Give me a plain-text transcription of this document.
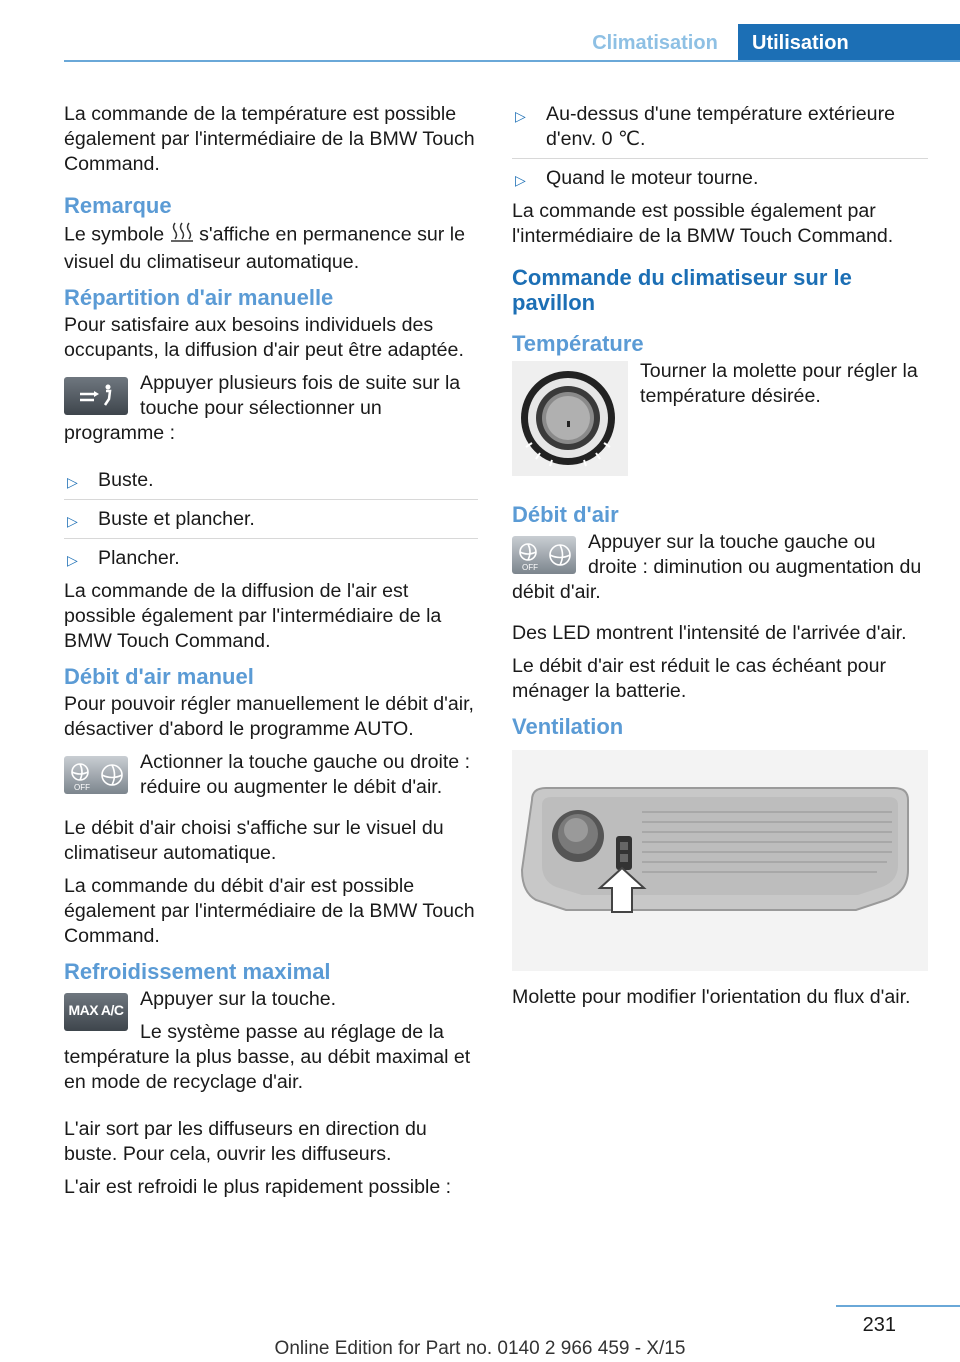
Climatisation	Utilisation

La commande de la température est possible également par l'intermédiaire de la BMW Touch Command.

Remarque

Le symbole s'affiche en permanence sur le visuel du climatiseur automatique.

Répartition d'air manuelle

Pour satisfaire aux besoins individuels des occupants, la diffusion d'air peut être adaptée.

Appuyer plusieurs fois de suite sur la touche pour sélectionner un programme :

▷ Buste.
▷ Buste et plancher.
▷ Plancher.

La commande de la diffusion de l'air est possible également par l'intermédiaire de la BMW Touch Command.

Débit d'air manuel

Pour pouvoir régler manuellement le débit d'air, désactiver d'abord le programme AUTO.

OFF

Actionner la touche gauche ou droite : réduire ou augmenter le débit d'air.

Le débit d'air choisi s'affiche sur le visuel du climatiseur automatique.

La commande du débit d'air est possible également par l'intermédiaire de la BMW Touch Command.

Refroidissement maximal
MAX A/C Appuyer sur la touche.

Le système passe au réglage de la température la plus basse, au débit maximal et en mode de recyclage d'air.

L'air sort par les diffuseurs en direction du buste. Pour cela, ouvrir les diffuseurs.

L'air est refroidi le plus rapidement possible :

▷ Au-dessus d'une température extérieure d'env. 0 ℃.
▷ Quand le moteur tourne.

La commande est possible également par l'intermédiaire de la BMW Touch Command.

Commande du climatiseur sur le pavillon
Température

Tourner la molette pour régler la température désirée.

Débit d'air
OFF

Appuyer sur la touche gauche ou droite : diminution ou augmentation du débit d'air.

Des LED montrent l'intensité de l'arrivée d'air.

Le débit d'air est réduit le cas échéant pour ménager la batterie.

Ventilation

Molette pour modifier l'orientation du flux d'air.

231
Online Edition for Part no. 0140 2 966 459 - X/15
